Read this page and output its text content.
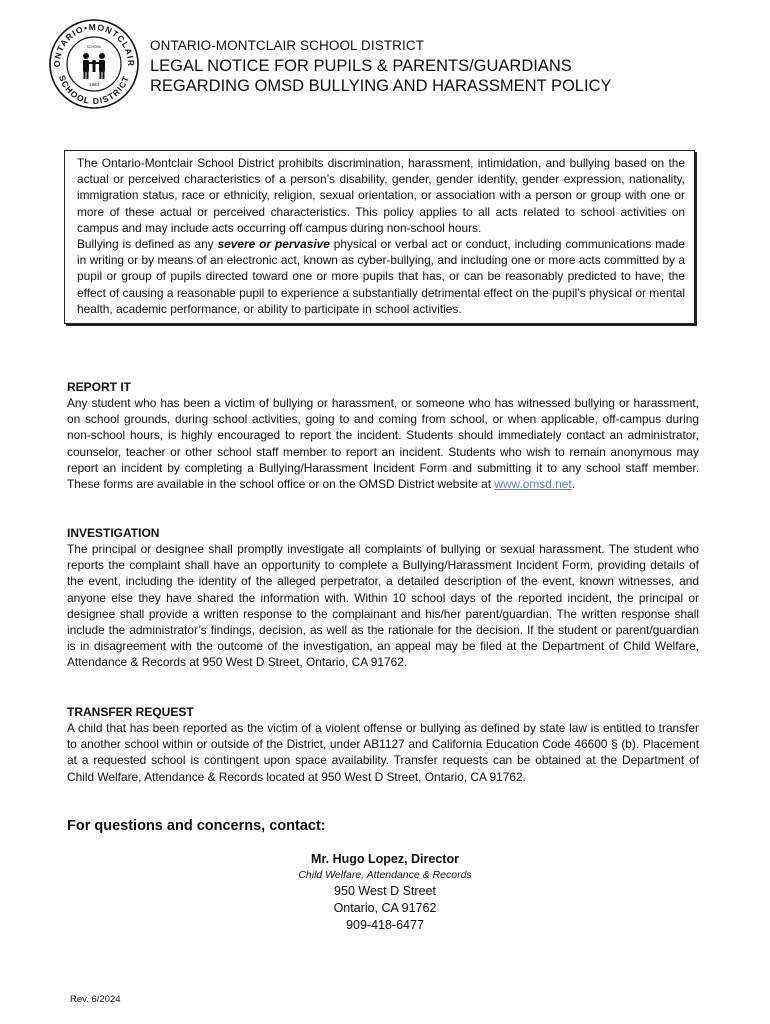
ONTARIO•MONTCLAIR
SCHOOL DISTRICT
SCHOOL
1884
ONTARIO-MONTCLAIR SCHOOL DISTRICT
LEGAL NOTICE FOR PUPILS & PARENTS/GUARDIANS
REGARDING OMSD BULLYING AND HARASSMENT POLICY

The Ontario-Montclair School District prohibits discrimination, harassment, intimidation, and bullying based on the actual or perceived characteristics of a person’s disability, gender, gender identity, gender expression, nationality, immigration status, race or ethnicity, religion, sexual orientation, or association with a person or group with one or more of these actual or perceived characteristics. This policy applies to all acts related to school activities on campus and may include acts occurring off campus during non-school hours.

Bullying is defined as any severe or pervasive physical or verbal act or conduct, including communications made in writing or by means of an electronic act, known as cyber-bullying, and including one or more acts committed by a pupil or group of pupils directed toward one or more pupils that has, or can be reasonably predicted to have, the effect of causing a reasonable pupil to experience a substantially detrimental effect on the pupil’s physical or mental health, academic performance, or ability to participate in school activities.

REPORT IT

Any student who has been a victim of bullying or harassment, or someone who has witnessed bullying or harassment, on school grounds, during school activities, going to and coming from school, or when applicable, off-campus during non-school hours, is highly encouraged to report the incident. Students should immediately contact an administrator, counselor, teacher or other school staff member to report an incident. Students who wish to remain anonymous may report an incident by completing a Bullying/Harassment Incident Form and submitting it to any school staff member. These forms are available in the school office or on the OMSD District website at www.omsd.net.

INVESTIGATION

The principal or designee shall promptly investigate all complaints of bullying or sexual harassment. The student who reports the complaint shall have an opportunity to complete a Bullying/Harassment Incident Form, providing details of the event, including the identity of the alleged perpetrator, a detailed description of the event, known witnesses, and anyone else they have shared the information with. Within 10 school days of the reported incident, the principal or designee shall provide a written response to the complainant and his/her parent/guardian. The written response shall include the administrator’s findings, decision, as well as the rationale for the decision. If the student or parent/guardian is in disagreement with the outcome of the investigation, an appeal may be filed at the Department of Child Welfare, Attendance & Records at 950 West D Street, Ontario, CA 91762.

TRANSFER REQUEST

A child that has been reported as the victim of a violent offense or bullying as defined by state law is entitled to transfer to another school within or outside of the District, under AB1127 and California Education Code 46600 § (b). Placement at a requested school is contingent upon space availability. Transfer requests can be obtained at the Department of Child Welfare, Attendance & Records located at 950 West D Street, Ontario, CA 91762.

For questions and concerns, contact:
Mr. Hugo Lopez, Director
Child Welfare, Attendance & Records
950 West D Street
Ontario, CA 91762
909-418-6477
Rev. 6/2024
